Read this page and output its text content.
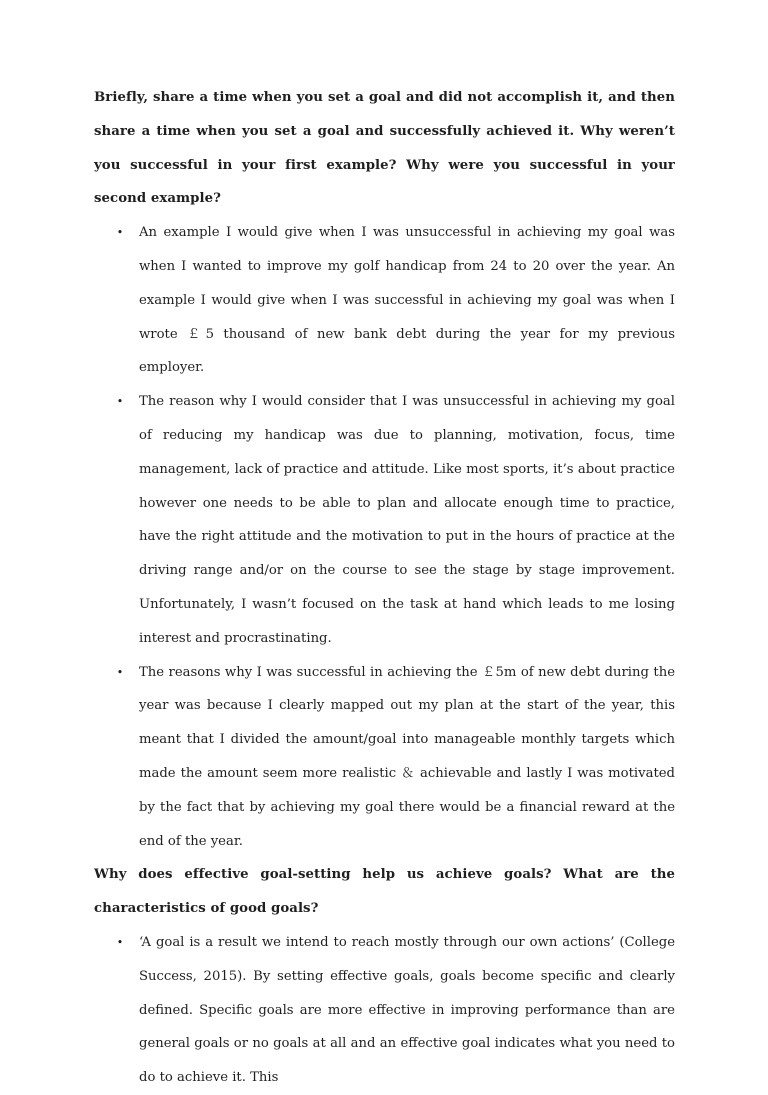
Briefly, share a time when you set a goal and did not accomplish it, and then share a time when you set a goal and successfully achieved it. Why weren’t you successful in your first example? Why were you successful in your second example?

• An example I would give when I was unsuccessful in achieving my goal was when I wanted to improve my golf handicap from 24 to 20 over the year. An example I would give when I was successful in achieving my goal was when I wrote ￡5 thousand of new bank debt during the year for my previous employer.
• The reason why I would consider that I was unsuccessful in achieving my goal of reducing my handicap was due to planning, motivation, focus, time management, lack of practice and attitude. Like most sports, it’s about practice however one needs to be able to plan and allocate enough time to practice, have the right attitude and the motivation to put in the hours of practice at the driving range and/or on the course to see the stage by stage improvement. Unfortunately, I wasn’t focused on the task at hand which leads to me losing interest and procrastinating.
• The reasons why I was successful in achieving the ￡5m of new debt during the year was because I clearly mapped out my plan at the start of the year, this meant that I divided the amount/goal into manageable monthly targets which made the amount seem more realistic ＆ achievable and lastly I was motivated by the fact that by achieving my goal there would be a financial reward at the end of the year.

Why does effective goal-setting help us achieve goals? What are the characteristics of good goals?

• ‘A goal is a result we intend to reach mostly through our own actions’ (College Success, 2015). By setting effective goals, goals become specific and clearly defined. Specific goals are more effective in improving performance than are general goals or no goals at all and an effective goal indicates what you need to do to achieve it. This
